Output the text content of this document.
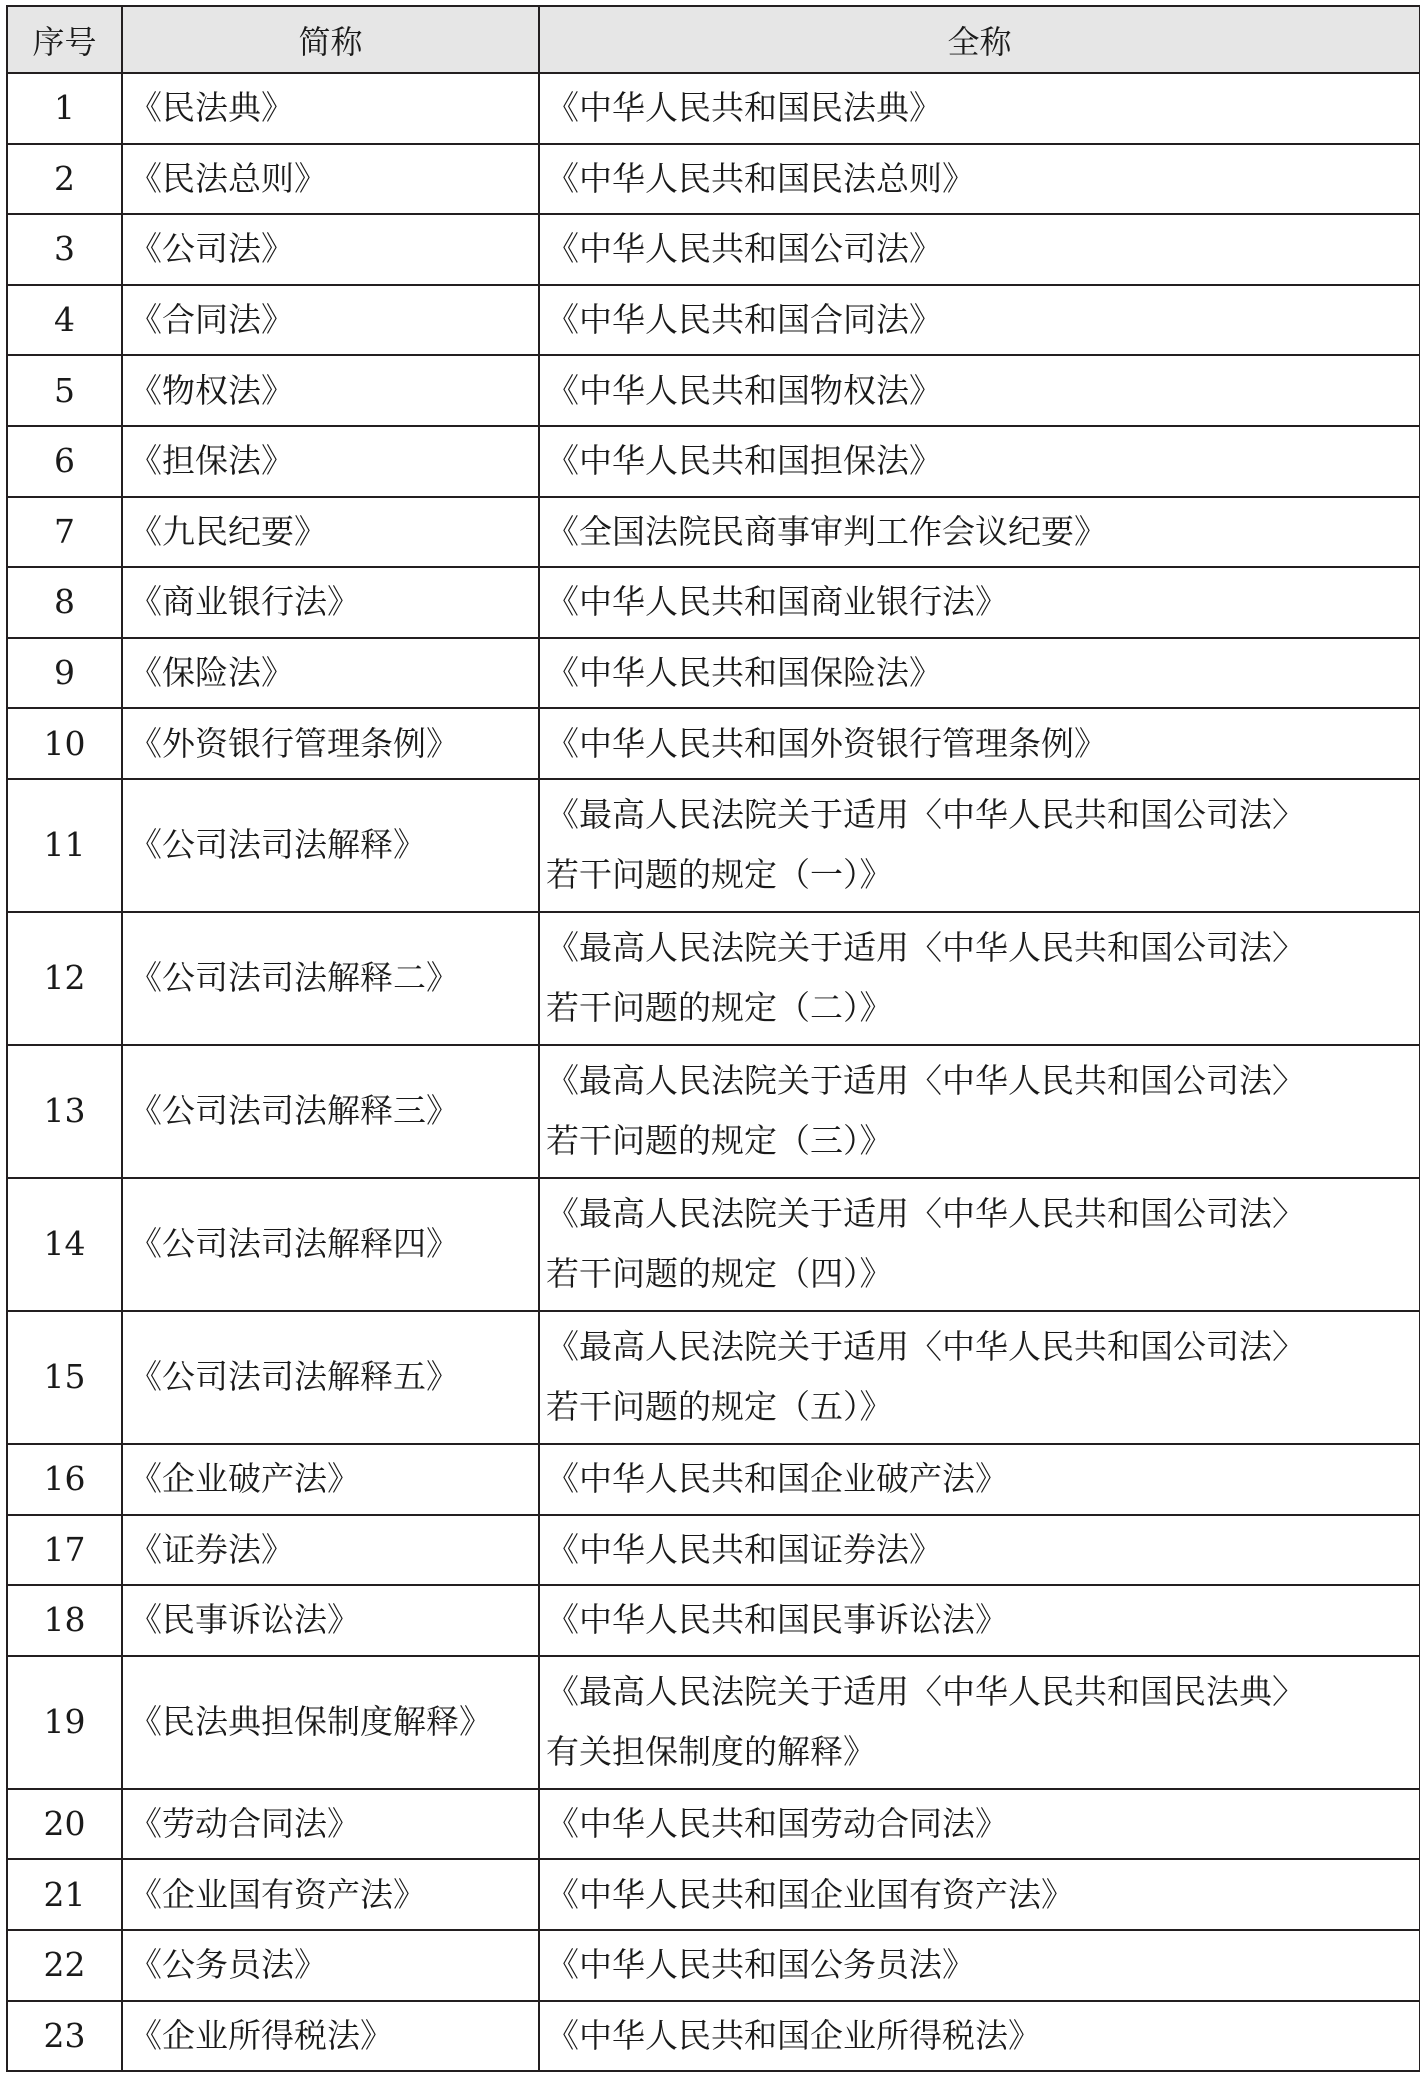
序号	简称	全称
1	《民法典》	《中华人民共和国民法典》

2	《民法总则》	《中华人民共和国民法总则》

3	《公司法》	《中华人民共和国公司法》

4	《合同法》	《中华人民共和国合同法》

5	《物权法》	《中华人民共和国物权法》

6	《担保法》	《中华人民共和国担保法》

7	《九民纪要》	《全国法院民商事审判工作会议纪要》

8	《商业银行法》	《中华人民共和国商业银行法》

9	《保险法》	《中华人民共和国保险法》

10	《外资银行管理条例》	《中华人民共和国外资银行管理条例》

11	《公司法司法解释》	《最高人民法院关于适用〈中华人民共和国公司法〉
若干问题的规定（一）》

12	《公司法司法解释二》	《最高人民法院关于适用〈中华人民共和国公司法〉
若干问题的规定（二）》

13	《公司法司法解释三》	《最高人民法院关于适用〈中华人民共和国公司法〉
若干问题的规定（三）》

14	《公司法司法解释四》	《最高人民法院关于适用〈中华人民共和国公司法〉
若干问题的规定（四）》

15	《公司法司法解释五》	《最高人民法院关于适用〈中华人民共和国公司法〉
若干问题的规定（五）》

16	《企业破产法》	《中华人民共和国企业破产法》

17	《证券法》	《中华人民共和国证券法》

18	《民事诉讼法》	《中华人民共和国民事诉讼法》

19	《民法典担保制度解释》	《最高人民法院关于适用〈中华人民共和国民法典〉
有关担保制度的解释》

20	《劳动合同法》	《中华人民共和国劳动合同法》

21	《企业国有资产法》	《中华人民共和国企业国有资产法》

22	《公务员法》	《中华人民共和国公务员法》

23	《企业所得税法》	《中华人民共和国企业所得税法》
